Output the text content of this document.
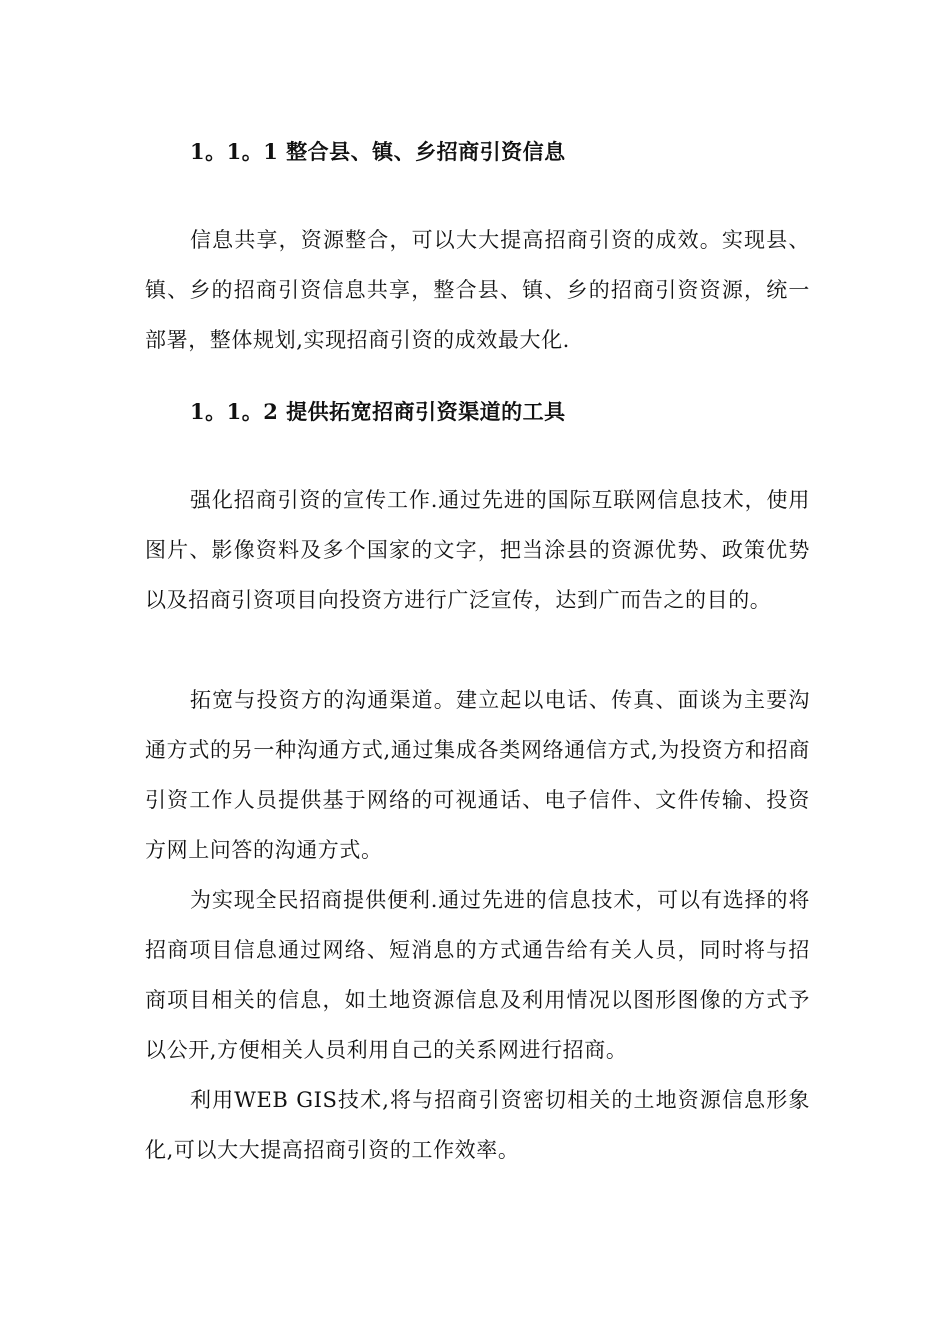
1。1。1 整合县、镇、乡招商引资信息
信息共享，资源整合，可以大大提高招商引资的成效。实现县、镇、乡的招商引资信息共享，整合县、镇、乡的招商引资资源，统一部署，整体规划,实现招商引资的成效最大化.
1。1。2 提供拓宽招商引资渠道的工具
强化招商引资的宣传工作.通过先进的国际互联网信息技术，使用图片、影像资料及多个国家的文字，把当涂县的资源优势、政策优势以及招商引资项目向投资方进行广泛宣传，达到广而告之的目的。
拓宽与投资方的沟通渠道。建立起以电话、传真、面谈为主要沟通方式的另一种沟通方式,通过集成各类网络通信方式,为投资方和招商引资工作人员提供基于网络的可视通话、电子信件、文件传输、投资方网上问答的沟通方式。
为实现全民招商提供便利.通过先进的信息技术，可以有选择的将招商项目信息通过网络、短消息的方式通告给有关人员，同时将与招商项目相关的信息，如土地资源信息及利用情况以图形图像的方式予以公开,方便相关人员利用自己的关系网进行招商。
利用WEB GIS技术,将与招商引资密切相关的土地资源信息形象化,可以大大提高招商引资的工作效率。
